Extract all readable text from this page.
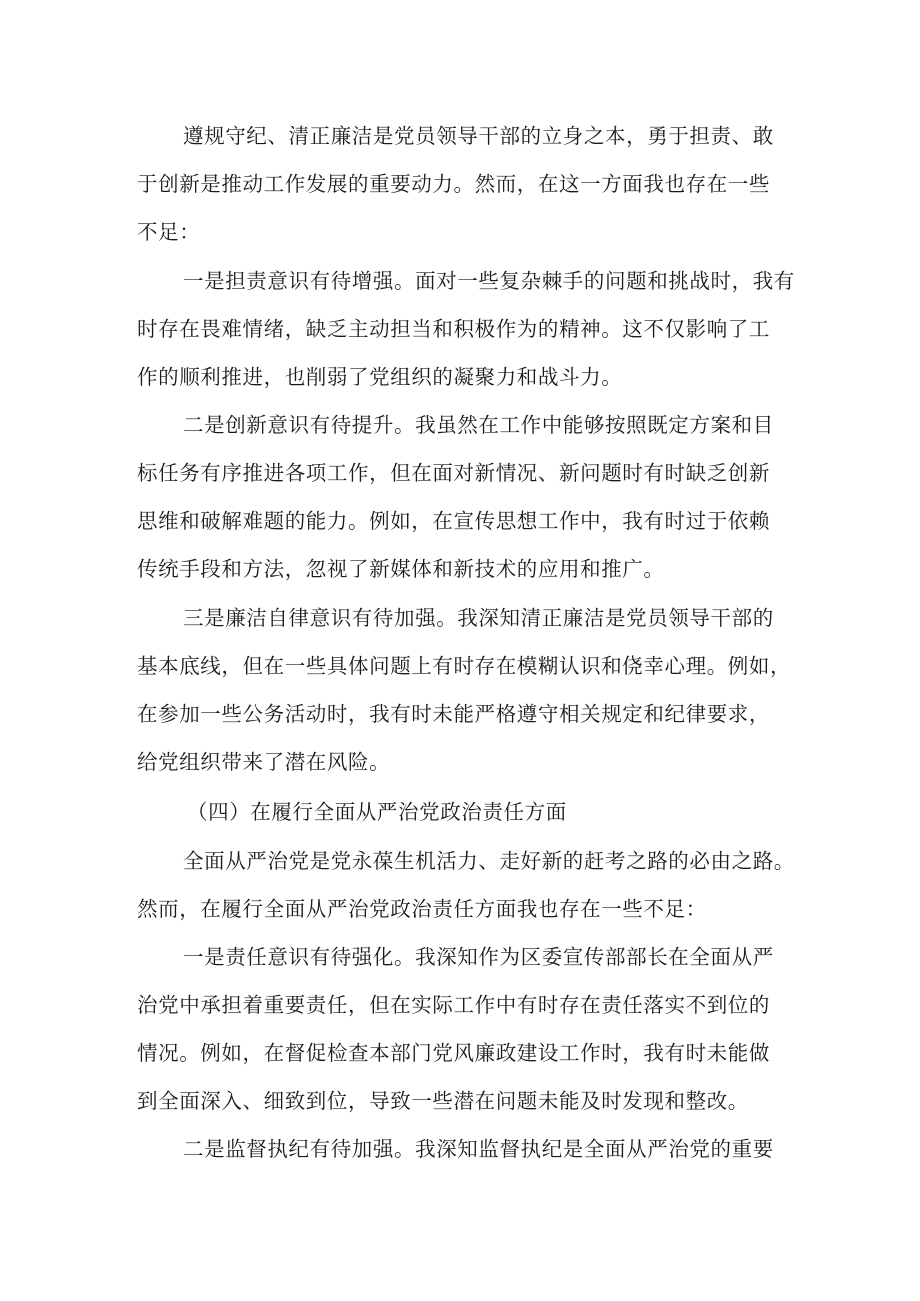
遵规守纪、清正廉洁是党员领导干部的立身之本，勇于担责、敢

于创新是推动工作发展的重要动力。然而，在这一方面我也存在一些

不足：

一是担责意识有待增强。面对一些复杂棘手的问题和挑战时，我有

时存在畏难情绪，缺乏主动担当和积极作为的精神。这不仅影响了工

作的顺利推进，也削弱了党组织的凝聚力和战斗力。

二是创新意识有待提升。我虽然在工作中能够按照既定方案和目

标任务有序推进各项工作，但在面对新情况、新问题时有时缺乏创新

思维和破解难题的能力。例如，在宣传思想工作中，我有时过于依赖

传统手段和方法，忽视了新媒体和新技术的应用和推广。

三是廉洁自律意识有待加强。我深知清正廉洁是党员领导干部的

基本底线，但在一些具体问题上有时存在模糊认识和侥幸心理。例如，

在参加一些公务活动时，我有时未能严格遵守相关规定和纪律要求，

给党组织带来了潜在风险。

（四）在履行全面从严治党政治责任方面

全面从严治党是党永葆生机活力、走好新的赶考之路的必由之路。

然而，在履行全面从严治党政治责任方面我也存在一些不足：

一是责任意识有待强化。我深知作为区委宣传部部长在全面从严

治党中承担着重要责任，但在实际工作中有时存在责任落实不到位的

情况。例如，在督促检查本部门党风廉政建设工作时，我有时未能做

到全面深入、细致到位，导致一些潜在问题未能及时发现和整改。

二是监督执纪有待加强。我深知监督执纪是全面从严治党的重要
